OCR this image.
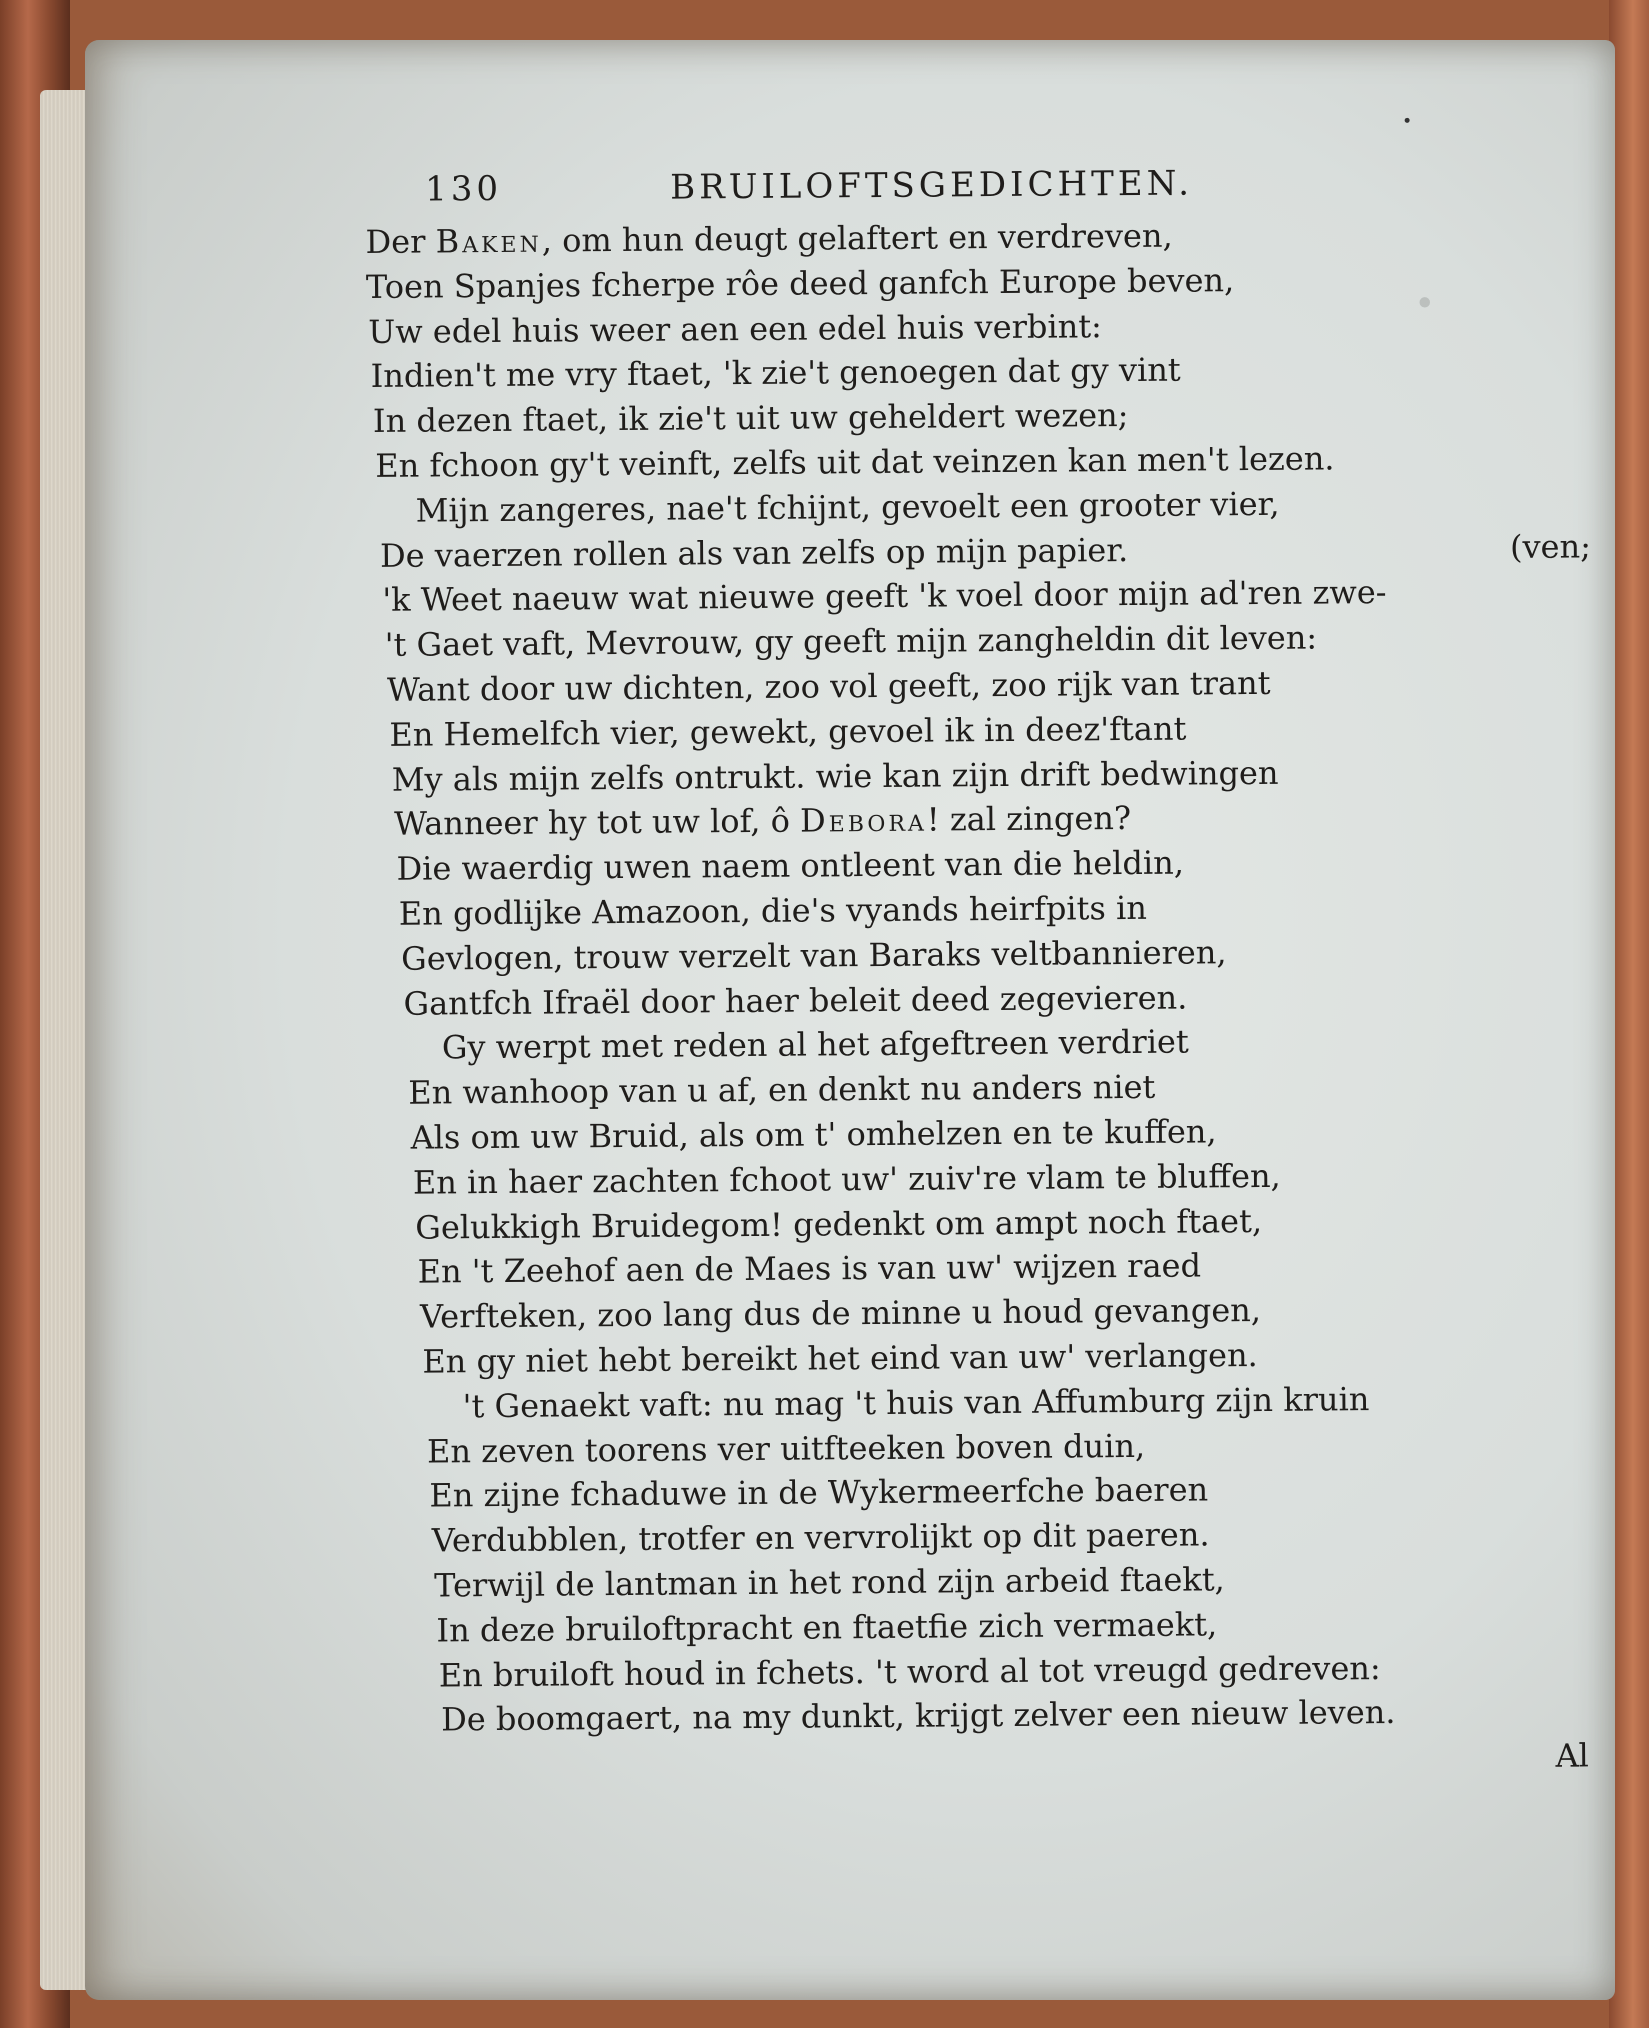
·
130	BRUILOFTSGEDICHTEN.
Der Baken, om hun deugt gelaftert en verdreven,
Toen Spanjes fcherpe rôe deed ganfch Europe beven,
Uw edel huis weer aen een edel huis verbint:
Indien't me vry ftaet, 'k zie't genoegen dat gy vint
In dezen ftaet, ik zie't uit uw geheldert wezen;
En fchoon gy't veinft, zelfs uit dat veinzen kan men't lezen.
Mijn zangeres, nae't fchijnt, gevoelt een grooter vier,
De vaerzen rollen als van zelfs op mijn papier.	(ven;
'k Weet naeuw wat nieuwe geeft 'k voel door mijn ad'ren zwe-
't Gaet vaft, Mevrouw, gy geeft mijn zangheldin dit leven:
Want door uw dichten, zoo vol geeft, zoo rijk van trant
En Hemelfch vier, gewekt, gevoel ik in deez'ftant
My als mijn zelfs ontrukt. wie kan zijn drift bedwingen
Wanneer hy tot uw lof, ô Debora! zal zingen?
Die waerdig uwen naem ontleent van die heldin,
En godlijke Amazoon, die's vyands heirfpits in
Gevlogen, trouw verzelt van Baraks veltbannieren,
Gantfch Ifraël door haer beleit deed zegevieren.
Gy werpt met reden al het afgeftreen verdriet
En wanhoop van u af, en denkt nu anders niet
Als om uw Bruid, als om t' omhelzen en te kuffen,
En in haer zachten fchoot uw' zuiv're vlam te bluffen,
Gelukkigh Bruidegom! gedenkt om ampt noch ftaet,
En 't Zeehof aen de Maes is van uw' wijzen raed
Verfteken, zoo lang dus de minne u houd gevangen,
En gy niet hebt bereikt het eind van uw' verlangen.
't Genaekt vaft: nu mag 't huis van Affumburg zijn kruin
En zeven toorens ver uitfteeken boven duin,
En zijne fchaduwe in de Wykermeerfche baeren
Verdubblen, trotfer en vervrolijkt op dit paeren.
Terwijl de lantman in het rond zijn arbeid ftaekt,
In deze bruiloftpracht en ftaetfie zich vermaekt,
En bruiloft houd in fchets. 't word al tot vreugd gedreven:
De boomgaert, na my dunkt, krijgt zelver een nieuw leven.
Al
